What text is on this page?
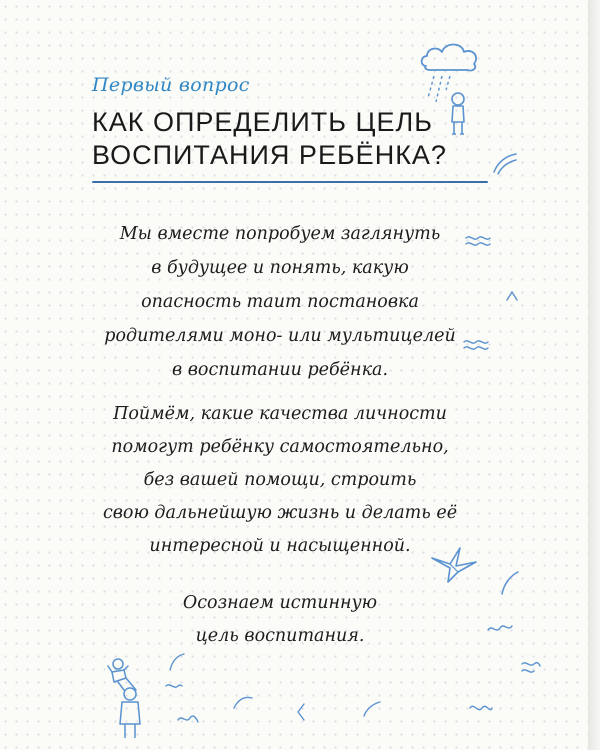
Первый вопрос
КАК ОПРЕДЕЛИТЬ ЦЕЛЬ
ВОСПИТАНИЯ РЕБЁНКА?
Мы вместе попробуем заглянуть
в будущее и понять, какую
опасность таит постановка
родителями моно- или мультицелей
в воспитании ребёнка.
Поймём, какие качества личности
помогут ребёнку самостоятельно,
без вашей помощи, строить
свою дальнейшую жизнь и делать её
интересной и насыщенной.
Осознаем истинную
цель воспитания.
